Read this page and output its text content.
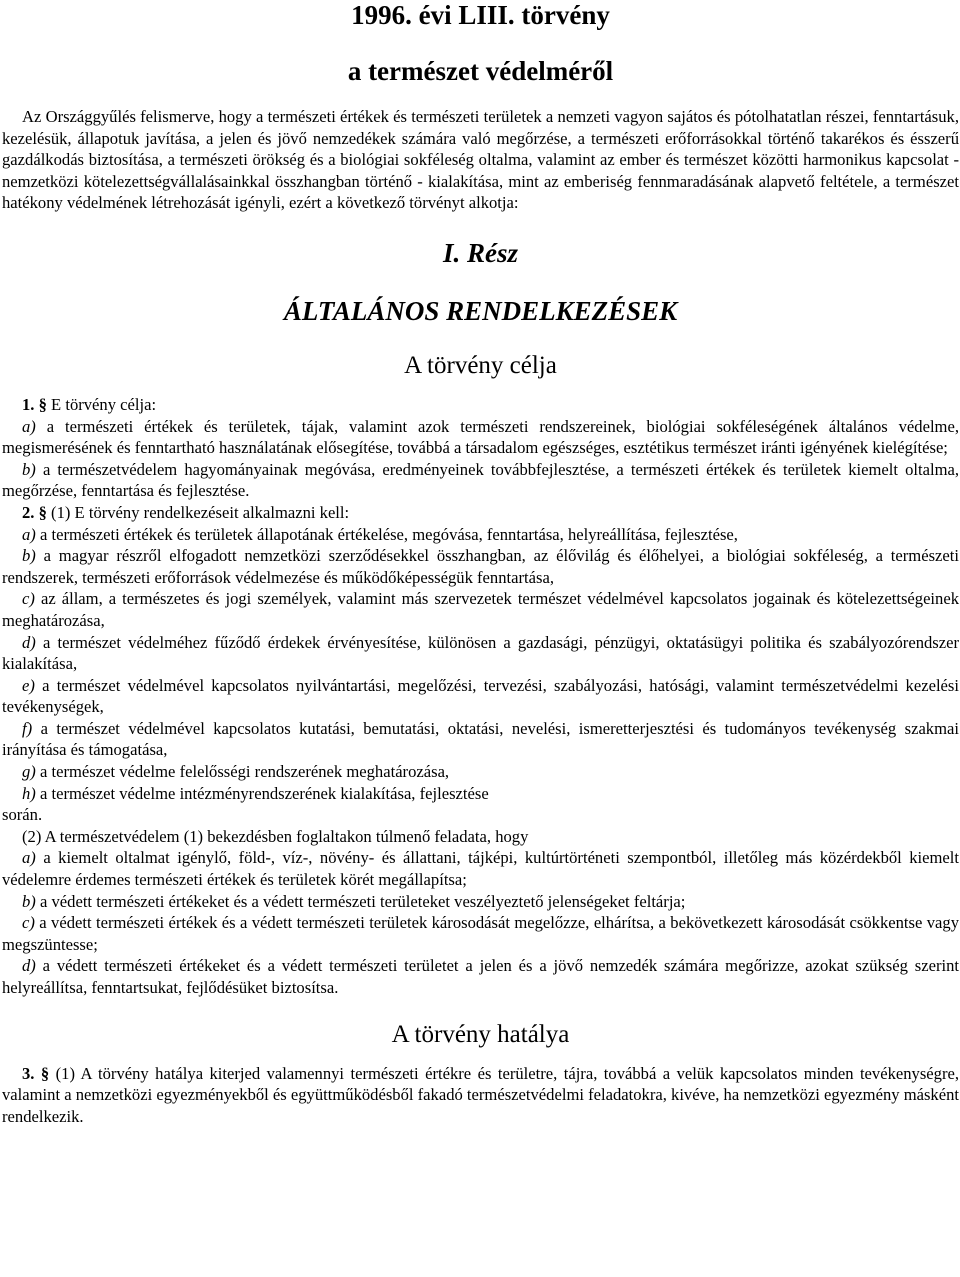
1996. évi LIII. törvény
a természet védelméről

Az Országgyűlés felismerve, hogy a természeti értékek és természeti területek a nemzeti vagyon sajátos és pótolhatatlan részei, fenntartásuk, kezelésük, állapotuk javítása, a jelen és jövő nemzedékek számára való megőrzése, a természeti erőforrásokkal történő takarékos és ésszerű gazdálkodás biztosítása, a természeti örökség és a biológiai sokféleség oltalma, valamint az ember és természet közötti harmonikus kapcsolat - nemzetközi kötelezettségvállalásainkkal összhangban történő - kialakítása, mint az emberiség fennmaradásának alapvető feltétele, a természet hatékony védelmének létrehozását igényli, ezért a következő törvényt alkotja:

I. Rész
ÁLTALÁNOS RENDELKEZÉSEK
A törvény célja

1. § E törvény célja:

a) a természeti értékek és területek, tájak, valamint azok természeti rendszereinek, biológiai sokféleségének általános védelme, megismerésének és fenntartható használatának elősegítése, továbbá a társadalom egészséges, esztétikus természet iránti igényének kielégítése;

b) a természetvédelem hagyományainak megóvása, eredményeinek továbbfejlesztése, a természeti értékek és területek kiemelt oltalma, megőrzése, fenntartása és fejlesztése.

2. § (1) E törvény rendelkezéseit alkalmazni kell:

a) a természeti értékek és területek állapotának értékelése, megóvása, fenntartása, helyreállítása, fejlesztése,

b) a magyar részről elfogadott nemzetközi szerződésekkel összhangban, az élővilág és élőhelyei, a biológiai sokféleség, a természeti rendszerek, természeti erőforrások védelmezése és működőképességük fenntartása,

c) az állam, a természetes és jogi személyek, valamint más szervezetek természet védelmével kapcsolatos jogainak és kötelezettségeinek meghatározása,

d) a természet védelméhez fűződő érdekek érvényesítése, különösen a gazdasági, pénzügyi, oktatásügyi politika és szabályozórendszer kialakítása,

e) a természet védelmével kapcsolatos nyilvántartási, megelőzési, tervezési, szabályozási, hatósági, valamint természetvédelmi kezelési tevékenységek,

f) a természet védelmével kapcsolatos kutatási, bemutatási, oktatási, nevelési, ismeretterjesztési és tudományos tevékenység szakmai irányítása és támogatása,

g) a természet védelme felelősségi rendszerének meghatározása,

h) a természet védelme intézményrendszerének kialakítása, fejlesztése

során.

(2) A természetvédelem (1) bekezdésben foglaltakon túlmenő feladata, hogy

a) a kiemelt oltalmat igénylő, föld-, víz-, növény- és állattani, tájképi, kultúrtörténeti szempontból, illetőleg más közérdekből kiemelt védelemre érdemes természeti értékek és területek körét megállapítsa;

b) a védett természeti értékeket és a védett természeti területeket veszélyeztető jelenségeket feltárja;

c) a védett természeti értékek és a védett természeti területek károsodását megelőzze, elhárítsa, a bekövetkezett károsodását csökkentse vagy megszüntesse;

d) a védett természeti értékeket és a védett természeti területet a jelen és a jövő nemzedék számára megőrizze, azokat szükség szerint helyreállítsa, fenntartsukat, fejlődésüket biztosítsa.

A törvény hatálya

3. § (1) A törvény hatálya kiterjed valamennyi természeti értékre és területre, tájra, továbbá a velük kapcsolatos minden tevékenységre, valamint a nemzetközi egyezményekből és együttműködésből fakadó természetvédelmi feladatokra, kivéve, ha nemzetközi egyezmény másként rendelkezik.
